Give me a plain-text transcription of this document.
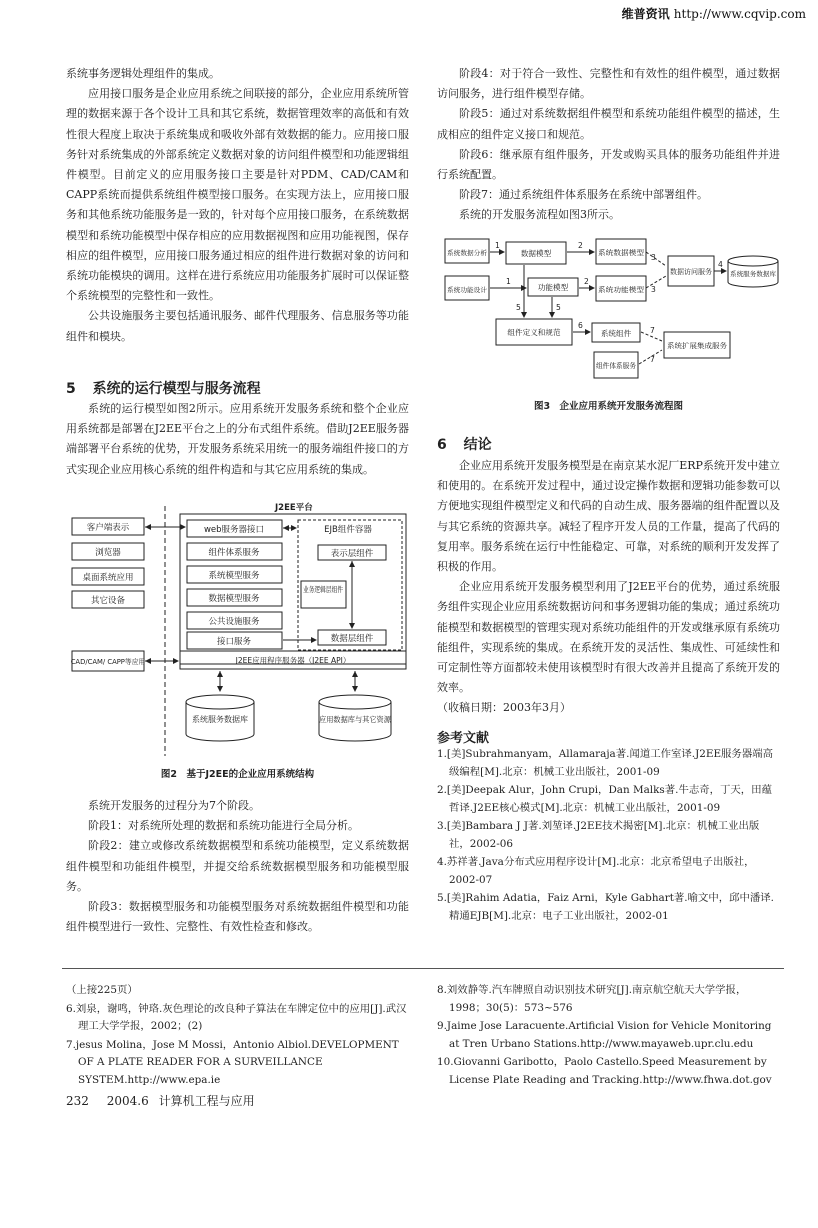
维普资讯 http://www.cqvip.com

系统事务逻辑处理组件的集成。

应用接口服务是企业应用系统之间联接的部分，企业应用系统所管理的数据来源于各个设计工具和其它系统，数据管理效率的高低和有效性很大程度上取决于系统集成和吸收外部有效数据的能力。应用接口服务针对系统集成的外部系统定义数据对象的访问组件模型和功能逻辑组件模型。目前定义的应用服务接口主要是针对PDM、CAD/CAM和CAPP系统而提供系统组件模型接口服务。在实现方法上，应用接口服务和其他系统功能服务是一致的，针对每个应用接口服务，在系统数据模型和系统功能模型中保存相应的应用数据视图和应用功能视图，保存相应的组件模型，应用接口服务通过相应的组件进行数据对象的访问和系统功能模块的调用。这样在进行系统应用功能服务扩展时可以保证整个系统模型的完整性和一致性。

公共设施服务主要包括通讯服务、邮件代理服务、信息服务等功能组件和模块。

5 系统的运行模型与服务流程

系统的运行模型如图2所示。应用系统开发服务系统和整个企业应用系统都是部署在J2EE平台之上的分布式组件系统。借助J2EE服务器端部署平台系统的优势，开发服务系统采用统一的服务端组件接口的方式实现企业应用核心系统的组件构造和与其它应用系统的集成。

J2EE平台
客户端表示
浏览器
桌面系统应用
其它设备
CAD/CAM/ CAPP等应用
web服务器接口
组件体系服务
系统模型服务
数据模型服务
公共设施服务
接口服务
EJB组件容器
表示层组件
业务逻辑层组件
数据层组件
J2EE应用程序服务器（J2EE API）
系统服务数据库	应用数据库与其它资源
图2　基于J2EE的企业应用系统结构

系统开发服务的过程分为7个阶段。

阶段1：对系统所处理的数据和系统功能进行全局分析。

阶段2：建立或修改系统数据模型和系统功能模型，定义系统数据组件模型和功能组件模型，并提交给系统数据模型服务和功能模型服务。

阶段3：数据模型服务和功能模型服务对系统数据组件模型和功能组件模型进行一致性、完整性、有效性检查和修改。

阶段4：对于符合一致性、完整性和有效性的组件模型，通过数据访问服务，进行组件模型存储。

阶段5：通过对系统数据组件模型和系统功能组件模型的描述，生成相应的组件定义接口和规范。

阶段6：继承原有组件服务，开发或购买具体的服务功能组件并进行系统配置。

阶段7：通过系统组件体系服务在系统中部署组件。

系统的开发服务流程如图3所示。

系统数据分析
系统功能设计
数据模型
功能模型
系统数据模型
系统功能模型
数据访问服务	系统服务数据库
组件定义和规范	系统组件
系统扩展集成服务
组件体系服务
1
1
2
2
3
3
4
5	5
6
7
7
图3　企业应用系统开发服务流程图
6 结论

企业应用系统开发服务模型是在南京某水泥厂ERP系统开发中建立和使用的。在系统开发过程中，通过设定操作数据和逻辑功能参数可以方便地实现组件模型定义和代码的自动生成、服务器端的组件配置以及与其它系统的资源共享。减轻了程序开发人员的工作量，提高了代码的复用率。服务系统在运行中性能稳定、可靠，对系统的顺利开发发挥了积极的作用。

企业应用系统开发服务模型利用了J2EE平台的优势，通过系统服务组件实现企业应用系统数据访问和事务逻辑功能的集成；通过系统功能模型和数据模型的管理实现对系统功能组件的开发或继承原有系统功能组件，实现系统的集成。在系统开发的灵活性、集成性、可延续性和可定制性等方面都较未使用该模型时有很大改善并且提高了系统开发的效率。

（收稿日期：2003年3月）

参考文献

1.[美]Subrahmanyam，Allamaraja著.闻道工作室译.J2EE服务器端高级编程[M].北京：机械工业出版社，2001-09

2.[美]Deepak Alur，John Crupi，Dan Malks著.牛志奇，丁天，田蕴哲译.J2EE核心模式[M].北京：机械工业出版社，2001-09

3.[美]Bambara J J著.刘堃译.J2EE技术揭密[M].北京：机械工业出版社，2002-06

4.苏祥著.Java分布式应用程序设计[M].北京：北京希望电子出版社，2002-07

5.[美]Rahim Adatia，Faiz Arni，Kyle Gabhart著.喻文中，邱中潘译.精通EJB[M].北京：电子工业出版社，2002-01

（上接225页）

6.刘泉，谢鸣，钟珞.灰色理论的改良种子算法在车牌定位中的应用[J].武汉理工大学学报，2002；(2)

7.jesus Molina，Jose M Mossi，Antonio Albiol.DEVELOPMENT OF A PLATE READER FOR A SURVEILLANCE SYSTEM.http://www.epa.ie

8.刘效静等.汽车牌照自动识别技术研究[J].南京航空航天大学学报，1998；30(5)：573~576

9.Jaime Jose Laracuente.Artificial Vision for Vehicle Monitoring at Tren Urbano Stations.http://www.mayaweb.upr.clu.edu

10.Giovanni Garibotto，Paolo Castello.Speed Measurement by License Plate Reading and Tracking.http://www.fhwa.dot.gov

232 2004.6 计算机工程与应用
